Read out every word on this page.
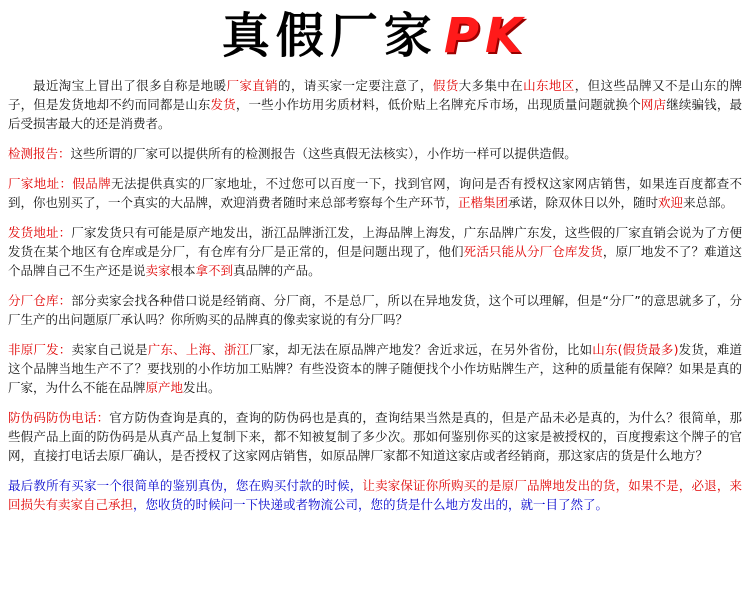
真假厂家 PK

最近淘宝上冒出了很多自称是地暖厂家直销的，请买家一定要注意了，假货大多集中在山东地区，但这些品牌又不是山东的牌子，但是发货地却不约而同都是山东发货，一些小作坊用劣质材料，低价贴上名牌充斥市场，出现质量问题就换个网店继续骗钱，最后受损害最大的还是消费者。

检测报告：这些所谓的厂家可以提供所有的检测报告（这些真假无法核实），小作坊一样可以提供造假。

厂家地址：假品牌无法提供真实的厂家地址，不过您可以百度一下，找到官网，询问是否有授权这家网店销售，如果连百度都查不到，你也别买了，一个真实的大品牌，欢迎消费者随时来总部考察每个生产环节，正楷集团承诺，除双休日以外，随时欢迎来总部。

发货地址：厂家发货只有可能是原产地发出，浙江品牌浙江发，上海品牌上海发，广东品牌广东发，这些假的厂家直销会说为了方便发货在某个地区有仓库或是分厂，有仓库有分厂是正常的，但是问题出现了，他们死活只能从分厂仓库发货，原厂地发不了？难道这个品牌自己不生产还是说卖家根本拿不到真品牌的产品。

分厂仓库：部分卖家会找各种借口说是经销商、分厂商，不是总厂，所以在异地发货，这个可以理解，但是“分厂”的意思就多了，分厂生产的出问题原厂承认吗？你所购买的品牌真的像卖家说的有分厂吗？

非原厂发：卖家自己说是广东、上海、浙江厂家，却无法在原品牌产地发？舍近求远，在另外省份，比如山东(假货最多)发货，难道这个品牌当地生产不了？要找别的小作坊加工贴牌？有些没资本的牌子随便找个小作坊贴牌生产，这种的质量能有保障？如果是真的厂家，为什么不能在品牌原产地发出。

防伪码防伪电话：官方防伪查询是真的，查询的防伪码也是真的，查询结果当然是真的，但是产品未必是真的，为什么？很简单，那些假产品上面的防伪码是从真产品上复制下来，都不知被复制了多少次。那如何鉴别你买的这家是被授权的，百度搜索这个牌子的官网，直接打电话去原厂确认，是否授权了这家网店销售，如原品牌厂家都不知道这家店或者经销商，那这家店的货是什么地方？

最后教所有买家一个很简单的鉴别真伪，您在购买付款的时候，让卖家保证你所购买的是原厂品牌地发出的货，如果不是，必退，来回损失有卖家自己承担，您收货的时候问一下快递或者物流公司，您的货是什么地方发出的，就一目了然了。
